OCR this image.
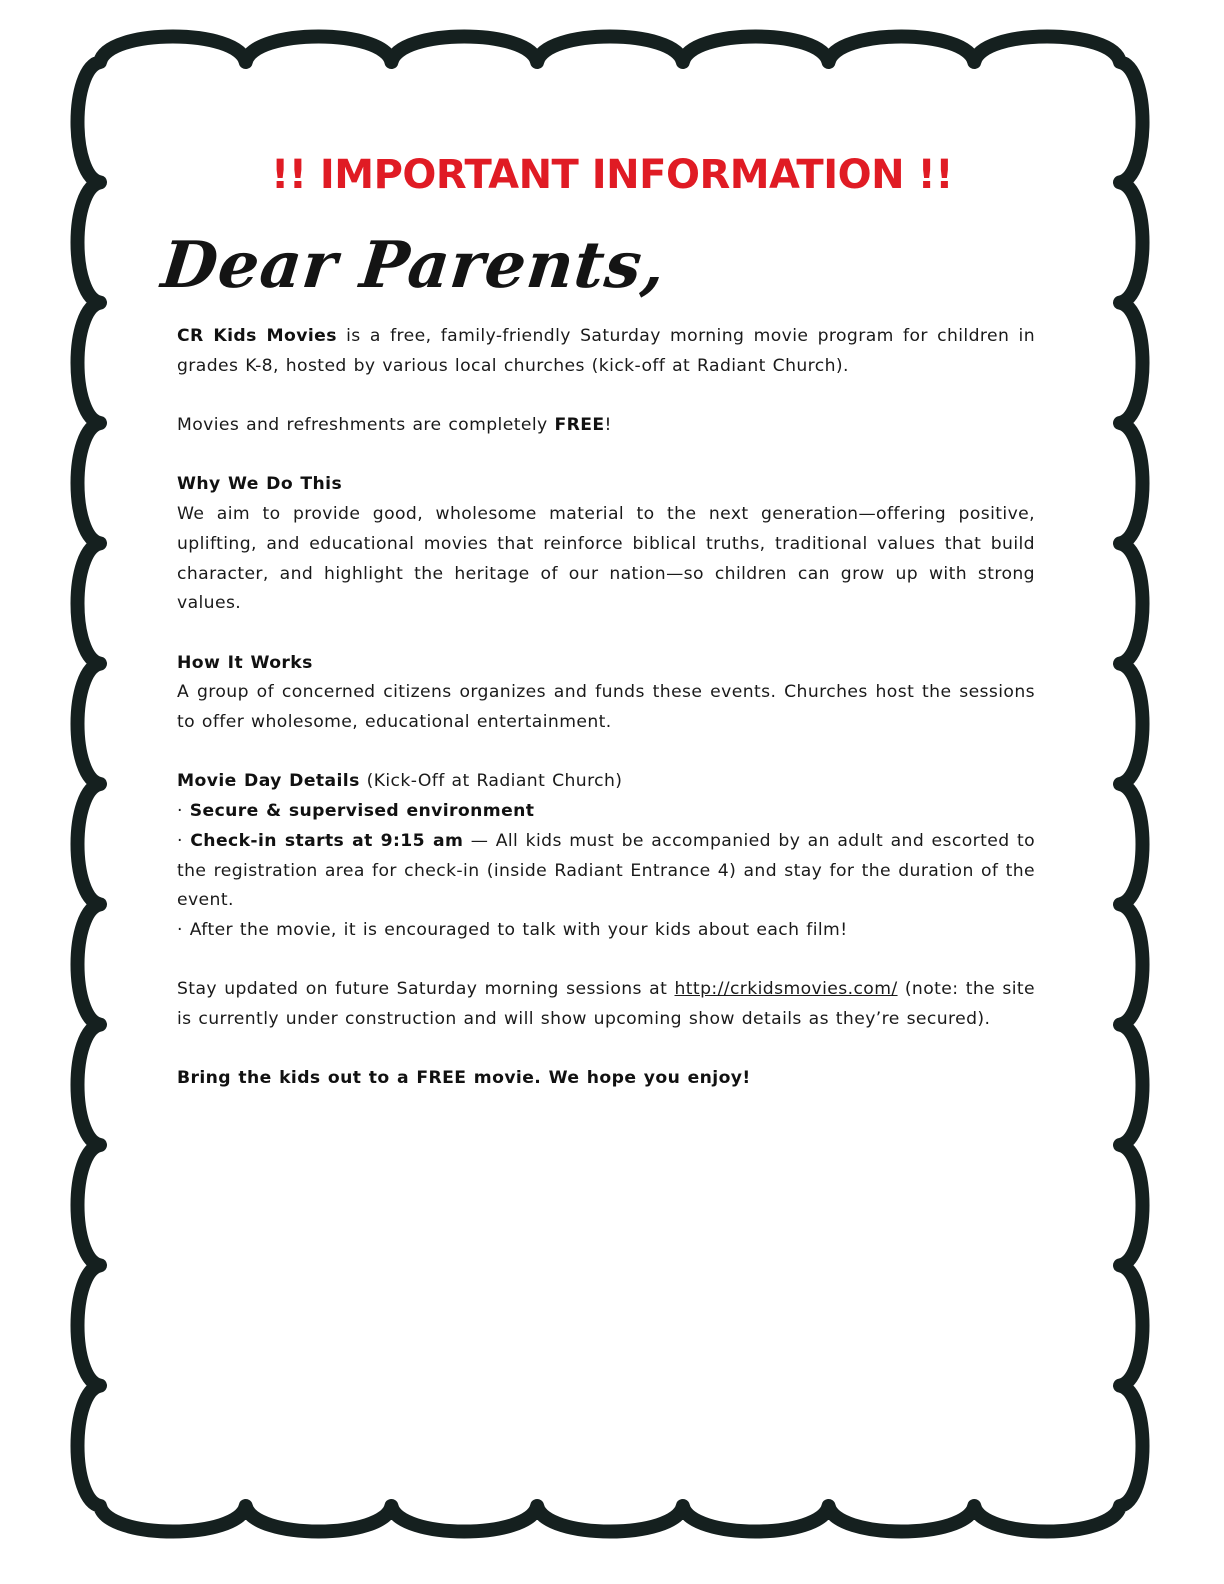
!! IMPORTANT INFORMATION !!
Dear Parents,

CR Kids Movies is a free, family-friendly Saturday morning movie program for children in grades K-8, hosted by various local churches (kick-off at Radiant Church).

Movies and refreshments are completely FREE!

Why We Do This

We aim to provide good, wholesome material to the next generation—offering positive, uplifting, and educational movies that reinforce biblical truths, traditional values that build character, and highlight the heritage of our nation—so children can grow up with strong values.

How It Works

A group of concerned citizens organizes and funds these events. Churches host the sessions to offer wholesome, educational entertainment.

Movie Day Details (Kick-Off at Radiant Church)

· Secure & supervised environment

· Check-in starts at 9:15 am — All kids must be accompanied by an adult and escorted to the registration area for check-in (inside Radiant Entrance 4) and stay for the duration of the event.

· After the movie, it is encouraged to talk with your kids about each film!

Stay updated on future Saturday morning sessions at http://crkidsmovies.com/ (note: the site is currently under construction and will show upcoming show details as they’re secured).

Bring the kids out to a FREE movie. We hope you enjoy!
